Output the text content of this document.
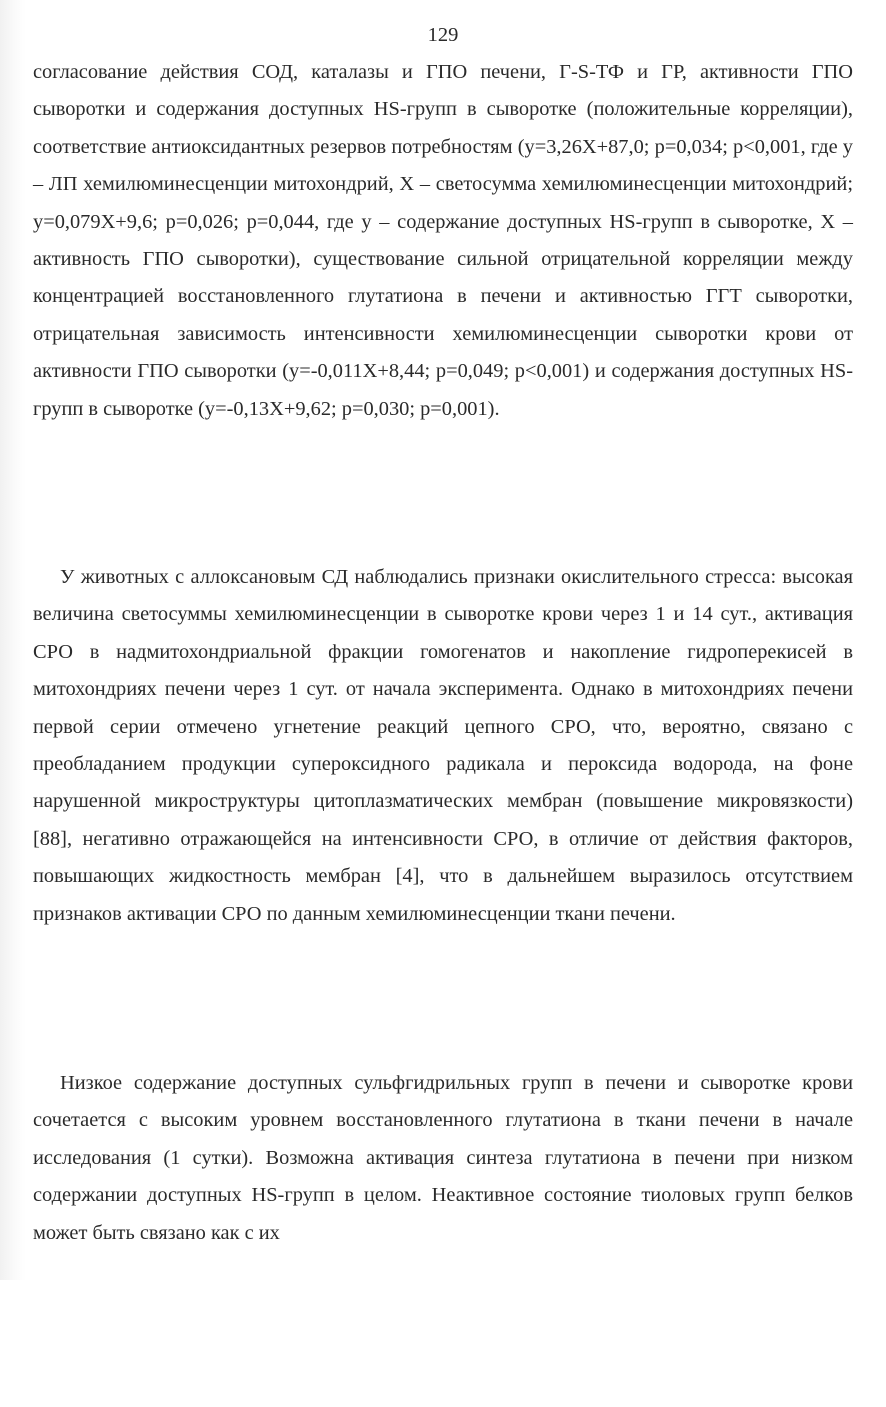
129

согласование действия СОД, каталазы и ГПО печени, Г-S-ТФ и ГР, активности ГПО сыворотки и содержания доступных HS-групп в сыворотке (положительные корреляции), соответствие антиоксидантных резервов потребностям (у=3,26Х+87,0; р=0,034; р<0,001, где у – ЛП хемилюминесценции митохондрий, Х – светосумма хемилюминесценции митохондрий; у=0,079Х+9,6; р=0,026; р=0,044, где у – содержание доступных HS-групп в сыворотке, Х – активность ГПО сыворотки), существование сильной отрицательной корреляции между концентрацией восстановленного глутатиона в печени и активностью ГГТ сыворотки, отрицательная зависимость интенсивности хемилюминесценции сыворотки крови от активности ГПО сыворотки (у=-0,011Х+8,44; р=0,049; р<0,001) и содержания доступных HS-групп в сыворотке (у=-0,13Х+9,62; р=0,030; р=0,001).

У животных с аллоксановым СД наблюдались признаки окислительного стресса: высокая величина светосуммы хемилюминесценции в сыворотке крови через 1 и 14 сут., активация СРО в надмитохондриальной фракции гомогенатов и накопление гидроперекисей в митохондриях печени через 1 сут. от начала эксперимента. Однако в митохондриях печени первой серии отмечено угнетение реакций цепного СРО, что, вероятно, связано с преобладанием продукции супероксидного радикала и пероксида водорода, на фоне нарушенной микроструктуры цитоплазматических мембран (повышение микровязкости) [88], негативно отражающейся на интенсивности СРО, в отличие от действия факторов, повышающих жидкостность мембран [4], что в дальнейшем выразилось отсутствием признаков активации СРО по данным хемилюминесценции ткани печени.

Низкое содержание доступных сульфгидрильных групп в печени и сыворотке крови сочетается с высоким уровнем восстановленного глутатиона в ткани печени в начале исследования (1 сутки). Возможна активация синтеза глутатиона в печени при низком содержании доступных HS-групп в целом. Неактивное состояние тиоловых групп белков может быть связано как с их
